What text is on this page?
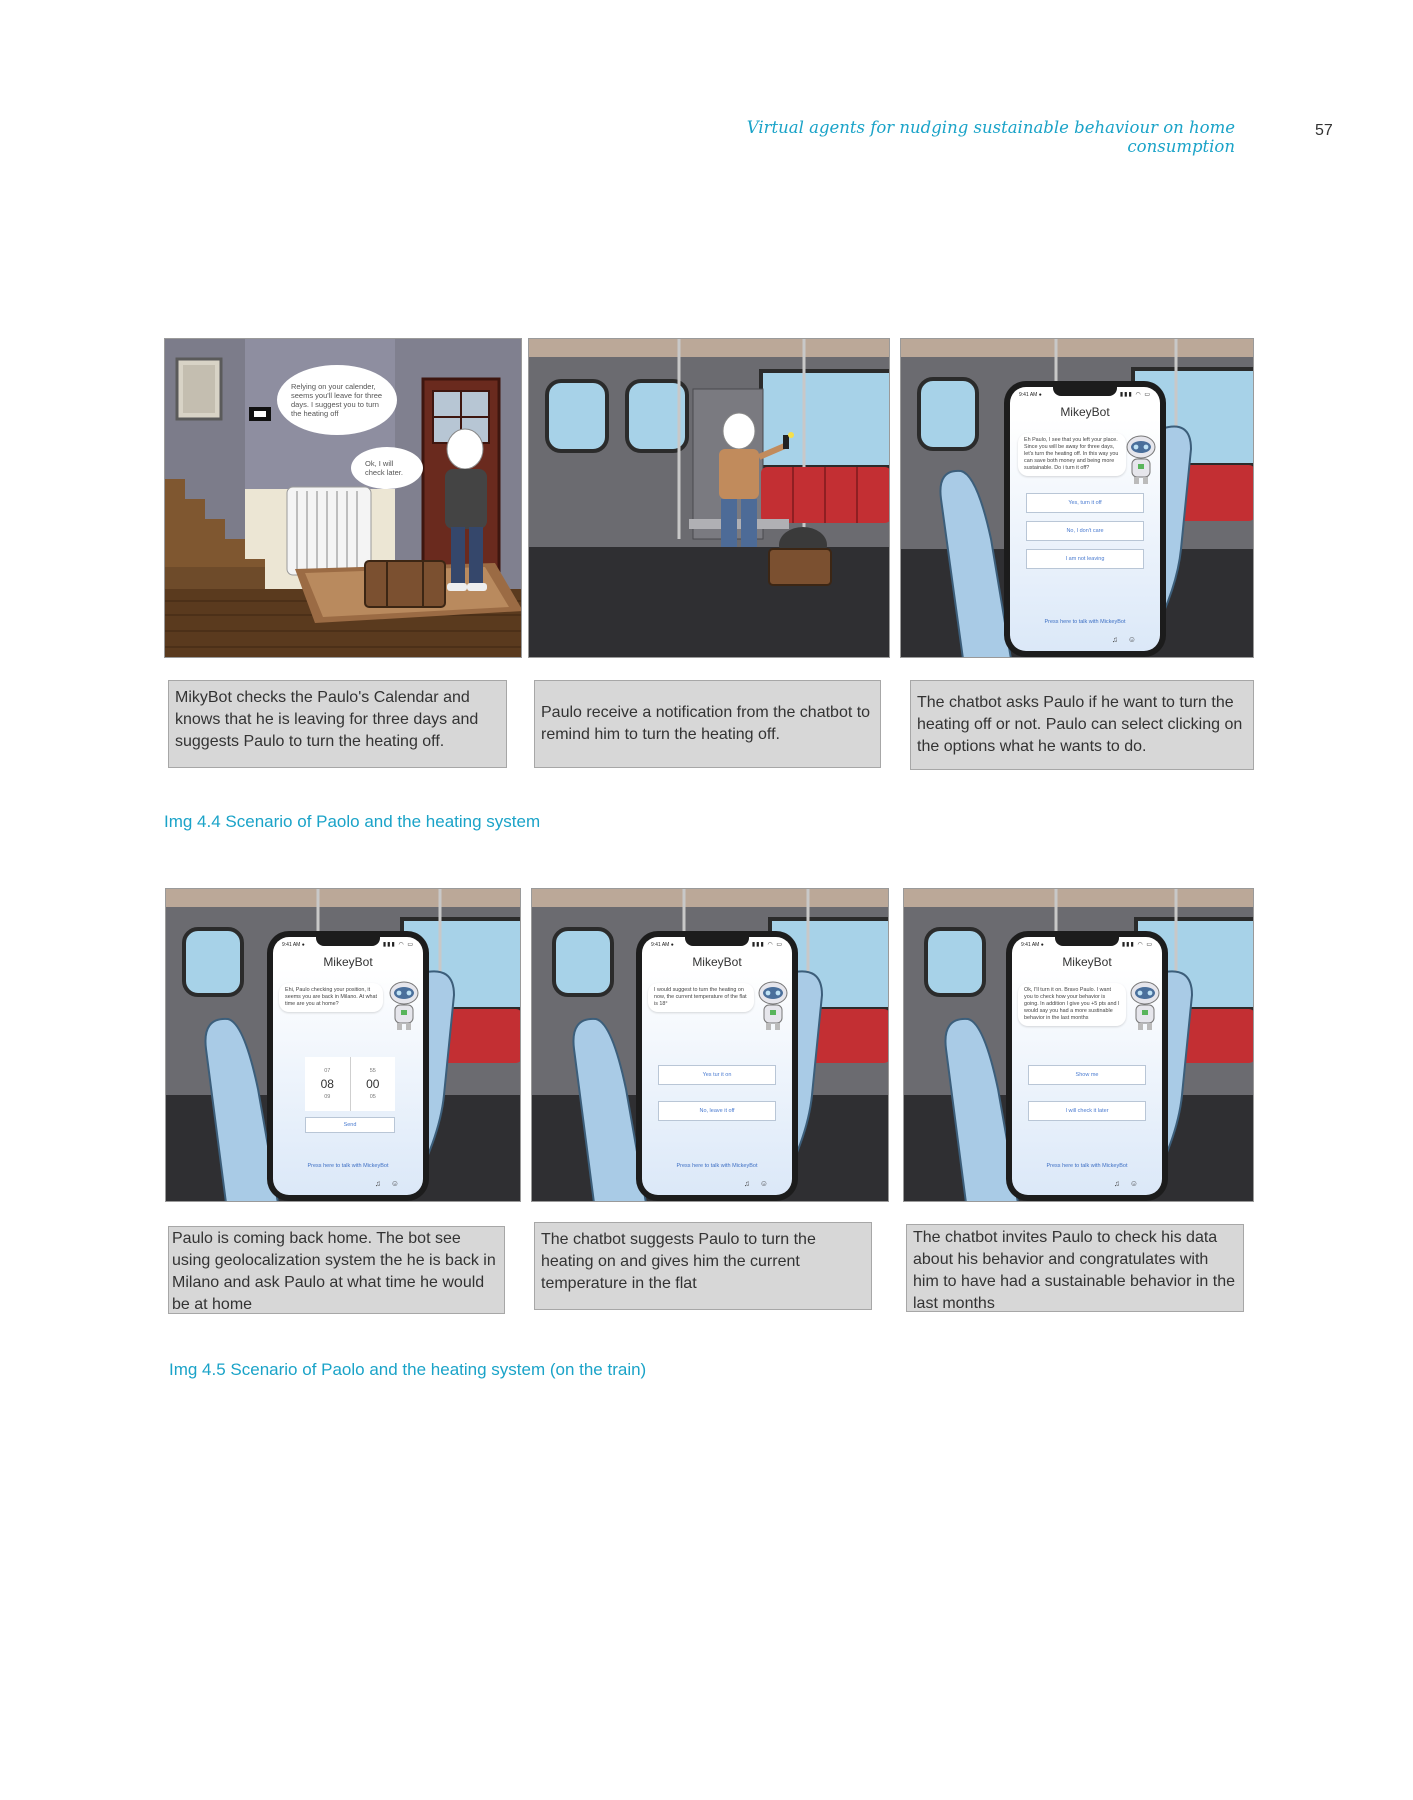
Virtual agents for nudging sustainable behaviour on home consumption
57
Relying on your calender, seems you'll leave for three days. I suggest you to turn the heating off
Ok, I will check later.
9:41 AM ●	▮▮▮ ◠ ▭
MikeyBot
Eh Paulo, I see that you left your place. Since you will be away for three days, let's turn the heating off. In this way you can save both money and being more sustainable. Do i turn it off?
Yes, turn it off
No, I don't care
I am not leaving
Press here to talk with MickeyBot
♫☺
MikyBot checks the Paulo's Calendar and knows that he is leaving for three days and suggests Paulo to turn the heating off.
Paulo receive a notification from the chatbot to remind him to turn the heating off.
The chatbot asks Paulo if he want to turn the heating off or not. Paulo can select clicking on the options what he wants to do.
Img 4.4 Scenario of Paolo and the heating system
9:41 AM ●	▮▮▮ ◠ ▭
MikeyBot
Ehi, Paulo checking your position, it seems you are back in Milano. At what time are you at home?
07
08
09
55
00
05
Send
Press here to talk with MickeyBot
♫☺
9:41 AM ●	▮▮▮ ◠ ▭
MikeyBot
I would suggest to turn the heating on now, the current temperature of the flat is 18°
Yes tur it on
No, leave it off
Press here to talk with MickeyBot
♫☺
9:41 AM ●	▮▮▮ ◠ ▭
MikeyBot
Ok, I'll turn it on. Bravo Paulo. I want you to check how your behavior is going. In addition I give you +5 pts and I would say you had a more sustinable behavior in the last months
Show me
I will check it later
Press here to talk with MickeyBot
♫☺
Paulo is coming back home. The bot see using geolocalization system the he is back in Milano and ask Paulo at what time he would be at home
The chatbot suggests Paulo to turn the heating on and gives him the current temperature in the flat
The chatbot invites Paulo to check his data about his behavior and congratulates with him to have had a sustainable behavior in the last months
Img 4.5 Scenario of Paolo and the heating system (on the train)
